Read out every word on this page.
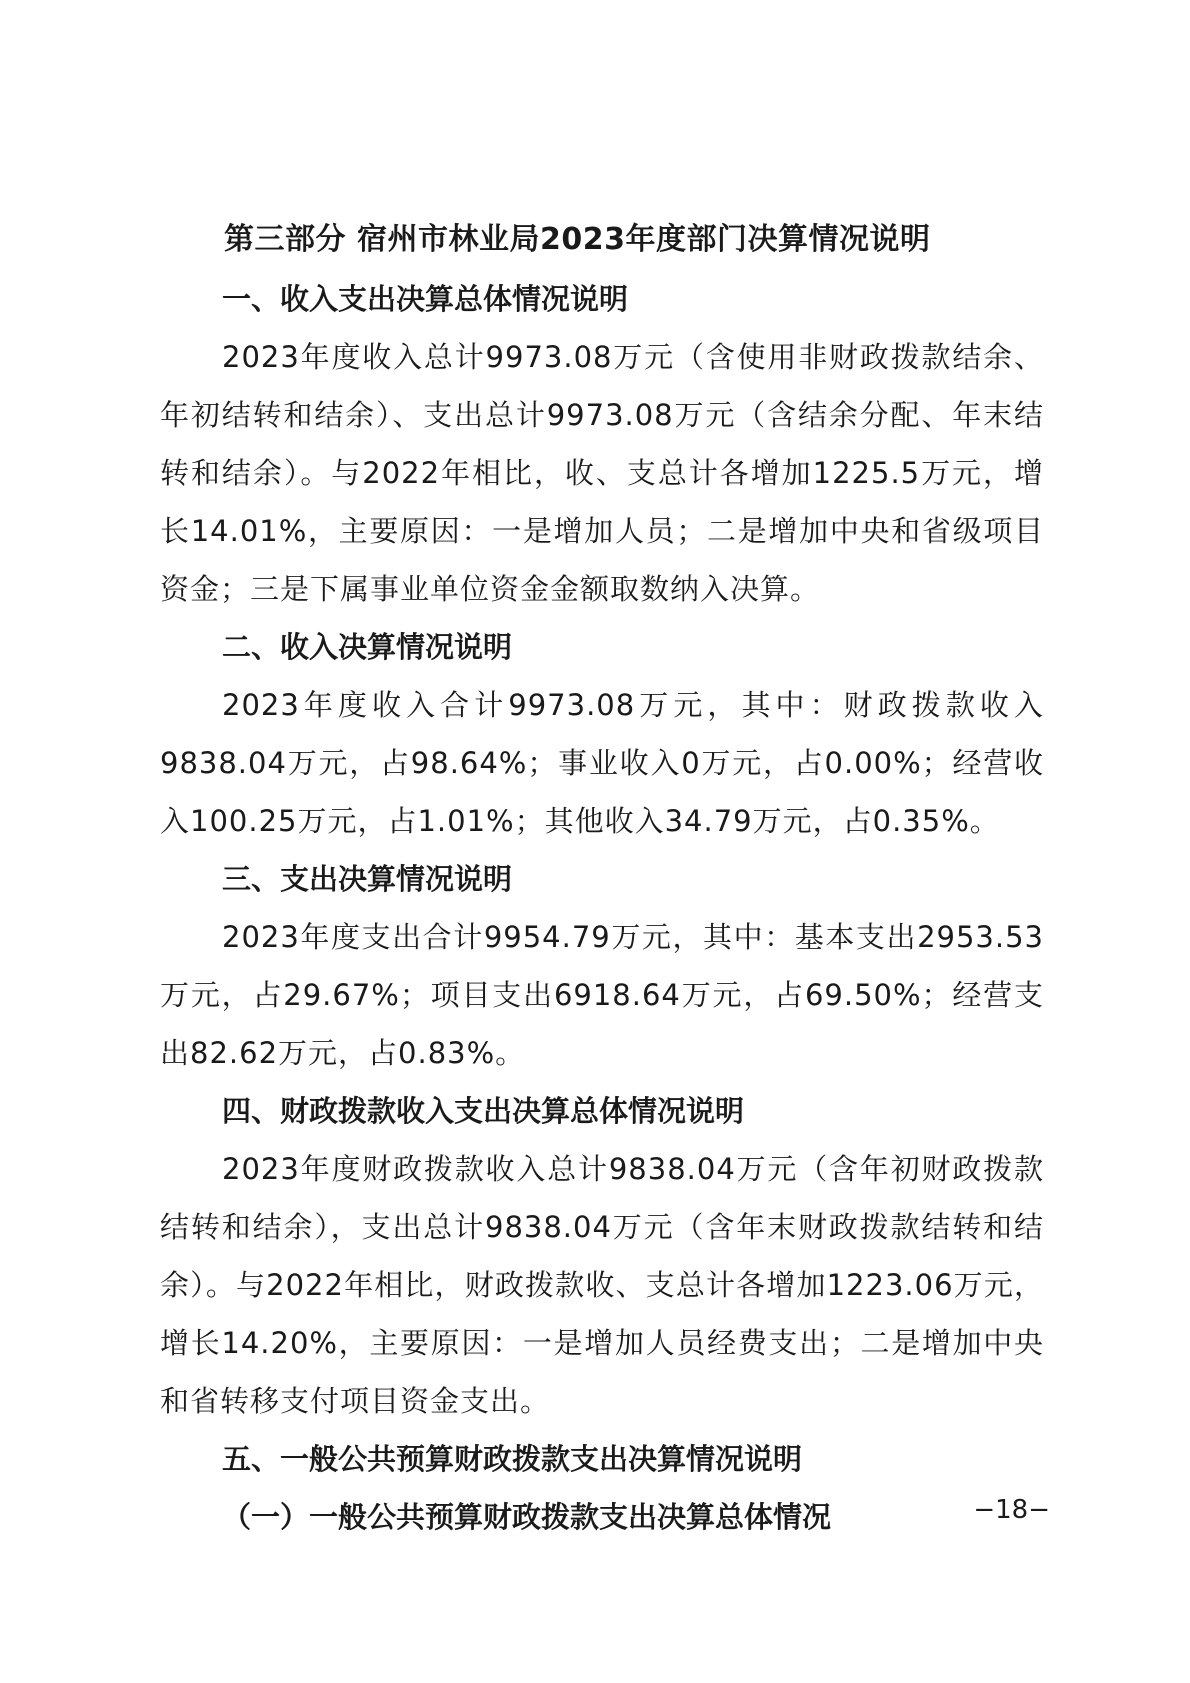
第三部分 宿州市林业局2023年度部门决算情况说明
一、收入支出决算总体情况说明

2023年度收入总计9973.08万元（含使用非财政拨款结余、年初结转和结余）、支出总计9973.08万元（含结余分配、年末结转和结余）。与2022年相比，收、支总计各增加1225.5万元，增长14.01%，主要原因：一是增加人员；二是增加中央和省级项目资金；三是下属事业单位资金金额取数纳入决算。

二、收入决算情况说明

2023年度收入合计9973.08万元，其中：财政拨款收入9838.04万元，占98.64%；事业收入0万元，占0.00%；经营收入100.25万元，占1.01%；其他收入34.79万元，占0.35%。

三、支出决算情况说明

2023年度支出合计9954.79万元，其中：基本支出2953.53万元，占29.67%；项目支出6918.64万元，占69.50%；经营支出82.62万元，占0.83%。

四、财政拨款收入支出决算总体情况说明

2023年度财政拨款收入总计9838.04万元（含年初财政拨款结转和结余），支出总计9838.04万元（含年末财政拨款结转和结余）。与2022年相比，财政拨款收、支总计各增加1223.06万元，增长14.20%，主要原因：一是增加人员经费支出；二是增加中央和省转移支付项目资金支出。

五、一般公共预算财政拨款支出决算情况说明
（一）一般公共预算财政拨款支出决算总体情况	−18−
